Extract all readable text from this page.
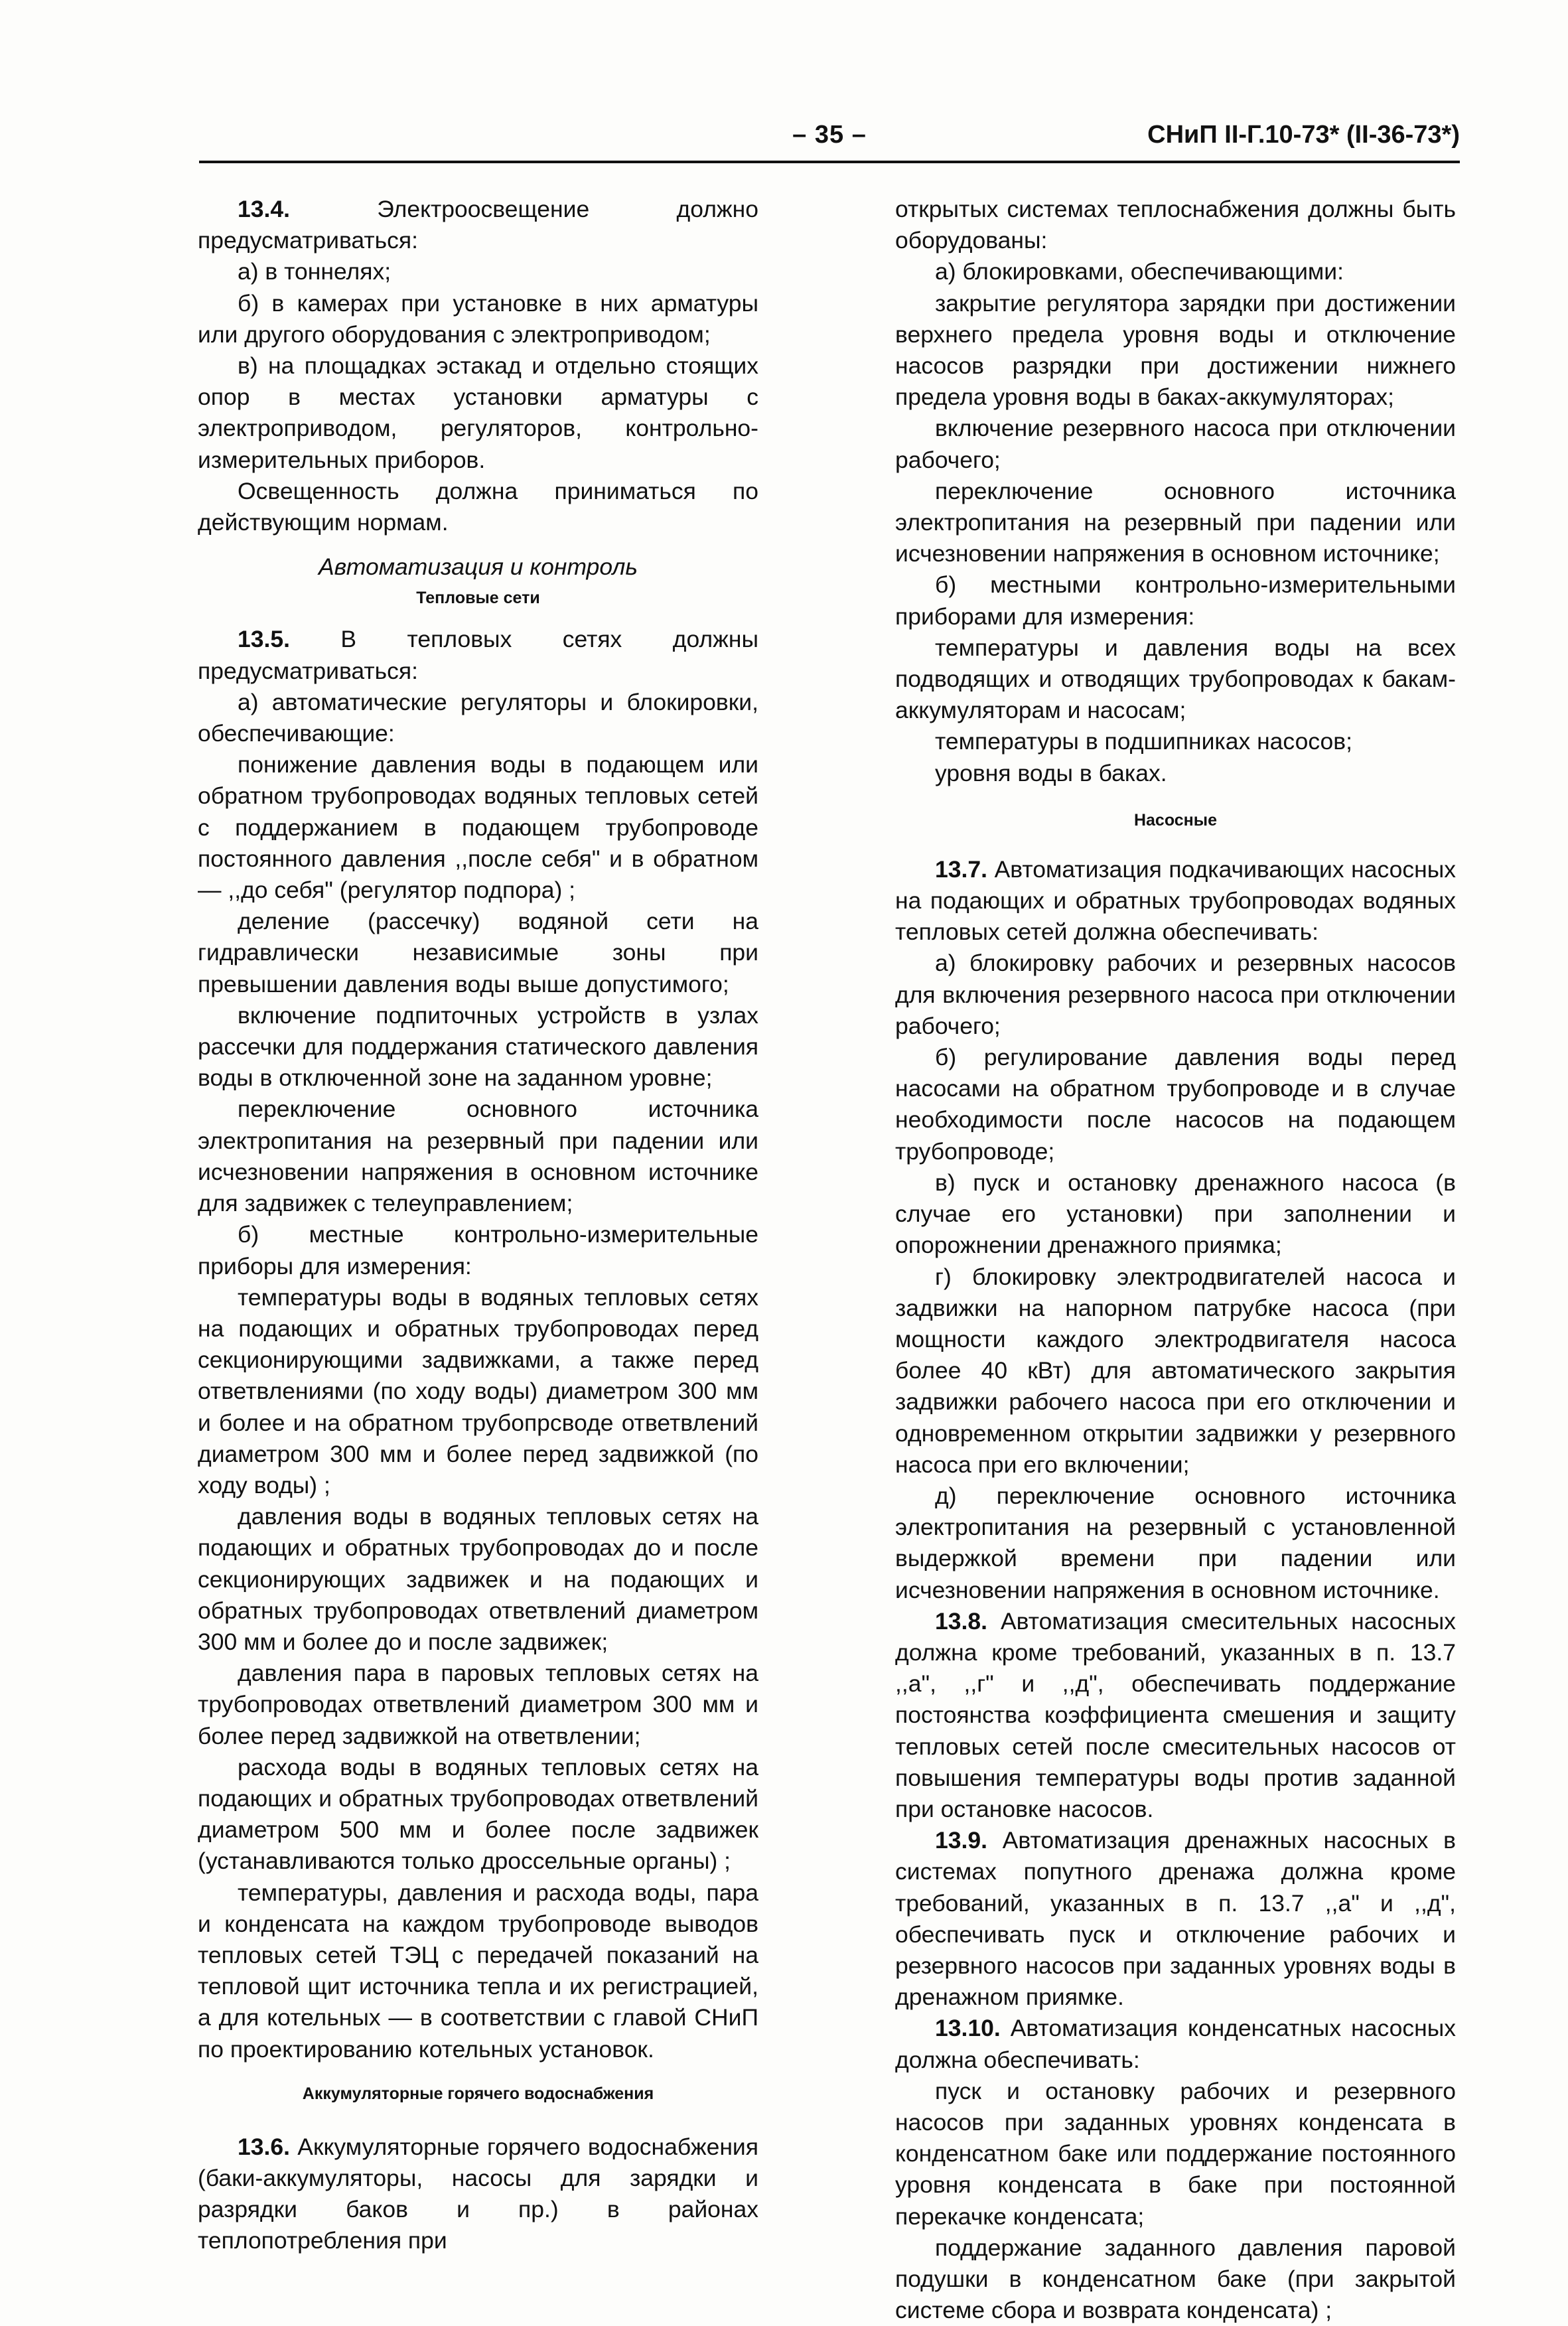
– 35 –	СНиП II-Г.10-73* (II-36-73*)

13.4.	Электроосвещение должно предусматриваться:

а) в тоннелях;

б) в камерах при установке в них арматуры или другого оборудования с электроприводом;

в) на площадках эстакад и отдельно стоящих опор в местах установки арматуры с электроприводом, регуляторов, контрольно-измерительных приборов.

Освещенность должна приниматься по действующим нормам.

Автоматизация и контроль

Тепловые сети

13.5. В тепловых сетях должны предусматриваться:

а) автоматические регуляторы и блокировки, обеспечивающие:

понижение давления воды в подающем или обратном трубопроводах водяных тепловых сетей с поддержанием в подающем трубопроводе постоянного давления ,,после себя" и в обратном — ,,до себя" (регулятор подпора) ;

деление (рассечку) водяной сети на гидравлически независимые зоны при превышении давления воды выше допустимого;

включение подпиточных устройств в узлах рассечки для поддержания статического давления воды в отключенной зоне на заданном уровне;

переключение основного источника электропитания на резервный при падении или исчезновении напряжения в основном источнике для задвижек с телеуправлением;

б) местные контрольно-измерительные приборы для измерения:

температуры воды в водяных тепловых сетях на подающих и обратных трубопроводах перед секционирующими задвижками, а также перед ответвлениями (по ходу воды) диаметром 300 мм и более и на обратном трубопрсводе ответвлений диаметром 300 мм и более перед задвижкой (по ходу воды) ;

давления воды в водяных тепловых сетях на подающих и обратных трубопроводах до и после секционирующих задвижек и на подающих и обратных трубопроводах ответвлений диаметром 300 мм и более до и после задвижек;

давления пара в паровых тепловых сетях на трубопроводах ответвлений диаметром 300 мм и более перед задвижкой на ответвлении;

расхода воды в водяных тепловых сетях на подающих и обратных трубопроводах ответвлений диаметром 500 мм и более после задвижек (устанавливаются только дроссельные органы) ;

температуры, давления и расхода воды, пара и конденсата на каждом трубопроводе выводов тепловых сетей ТЭЦ с передачей показаний на тепловой щит источника тепла и их регистрацией, а для котельных — в соответствии с главой СНиП по проектированию котельных установок.

Аккумуляторные горячего водоснабжения

13.6. Аккумуляторные горячего водоснабжения (баки-аккумуляторы, насосы для зарядки и разрядки баков и пр.) в районах теплопотребления при

открытых системах теплоснабжения должны быть оборудованы:

а) блокировками, обеспечивающими:

закрытие регулятора зарядки при достижении верхнего предела уровня воды и отключение насосов разрядки при достижении нижнего предела уровня воды в баках-аккумуляторах;

включение резервного насоса при отключении рабочего;

переключение основного источника электропитания на резервный при падении или исчезновении напряжения в основном источнике;

б) местными контрольно-измерительными приборами для измерения:

температуры и давления воды на всех подводящих и отводящих трубопроводах к бакам-аккумуляторам и насосам;

температуры в подшипниках насосов;

уровня воды в баках.

Насосные

13.7. Автоматизация подкачивающих насосных на подающих и обратных трубопроводах водяных тепловых сетей должна обеспечивать:

а) блокировку рабочих и резервных насосов для включения резервного насоса при отключении рабочего;

б) регулирование давления воды перед насосами на обратном трубопроводе и в случае необходимости после насосов на подающем трубопроводе;

в) пуск и остановку дренажного насоса (в случае его установки) при заполнении и опорожнении дренажного приямка;

г) блокировку электродвигателей насоса и задвижки на напорном патрубке насоса (при мощности каждого электродвигателя насоса более 40 кВт) для автоматического закрытия задвижки рабочего насоса при его отключении и одновременном открытии задвижки у резервного насоса при его включении;

д) переключение основного источника электропитания на резервный с установленной выдержкой времени при падении или исчезновении напряжения в основном источнике.

13.8. Автоматизация смесительных насосных должна кроме требований, указанных в п. 13.7 ,,а", ,,г" и ,,д", обеспечивать поддержание постоянства коэффициента смешения и защиту тепловых сетей после смесительных насосов от повышения температуры воды против заданной при остановке насосов.

13.9. Автоматизация дренажных насосных в системах попутного дренажа должна кроме требований, указанных в п. 13.7 ,,а" и ,,д", обеспечивать пуск и отключение рабочих и резервного насосов при заданных уровнях воды в дренажном приямке.

13.10. Автоматизация конденсатных насосных должна обеспечивать:

пуск и остановку рабочих и резервного насосов при заданных уровнях конденсата в конденсатном баке или поддержание постоянного уровня конденсата в баке при постоянной перекачке конденсата;

поддержание заданного давления паровой подушки в конденсатном баке (при закрытой системе сбора и возврата конденсата) ;
